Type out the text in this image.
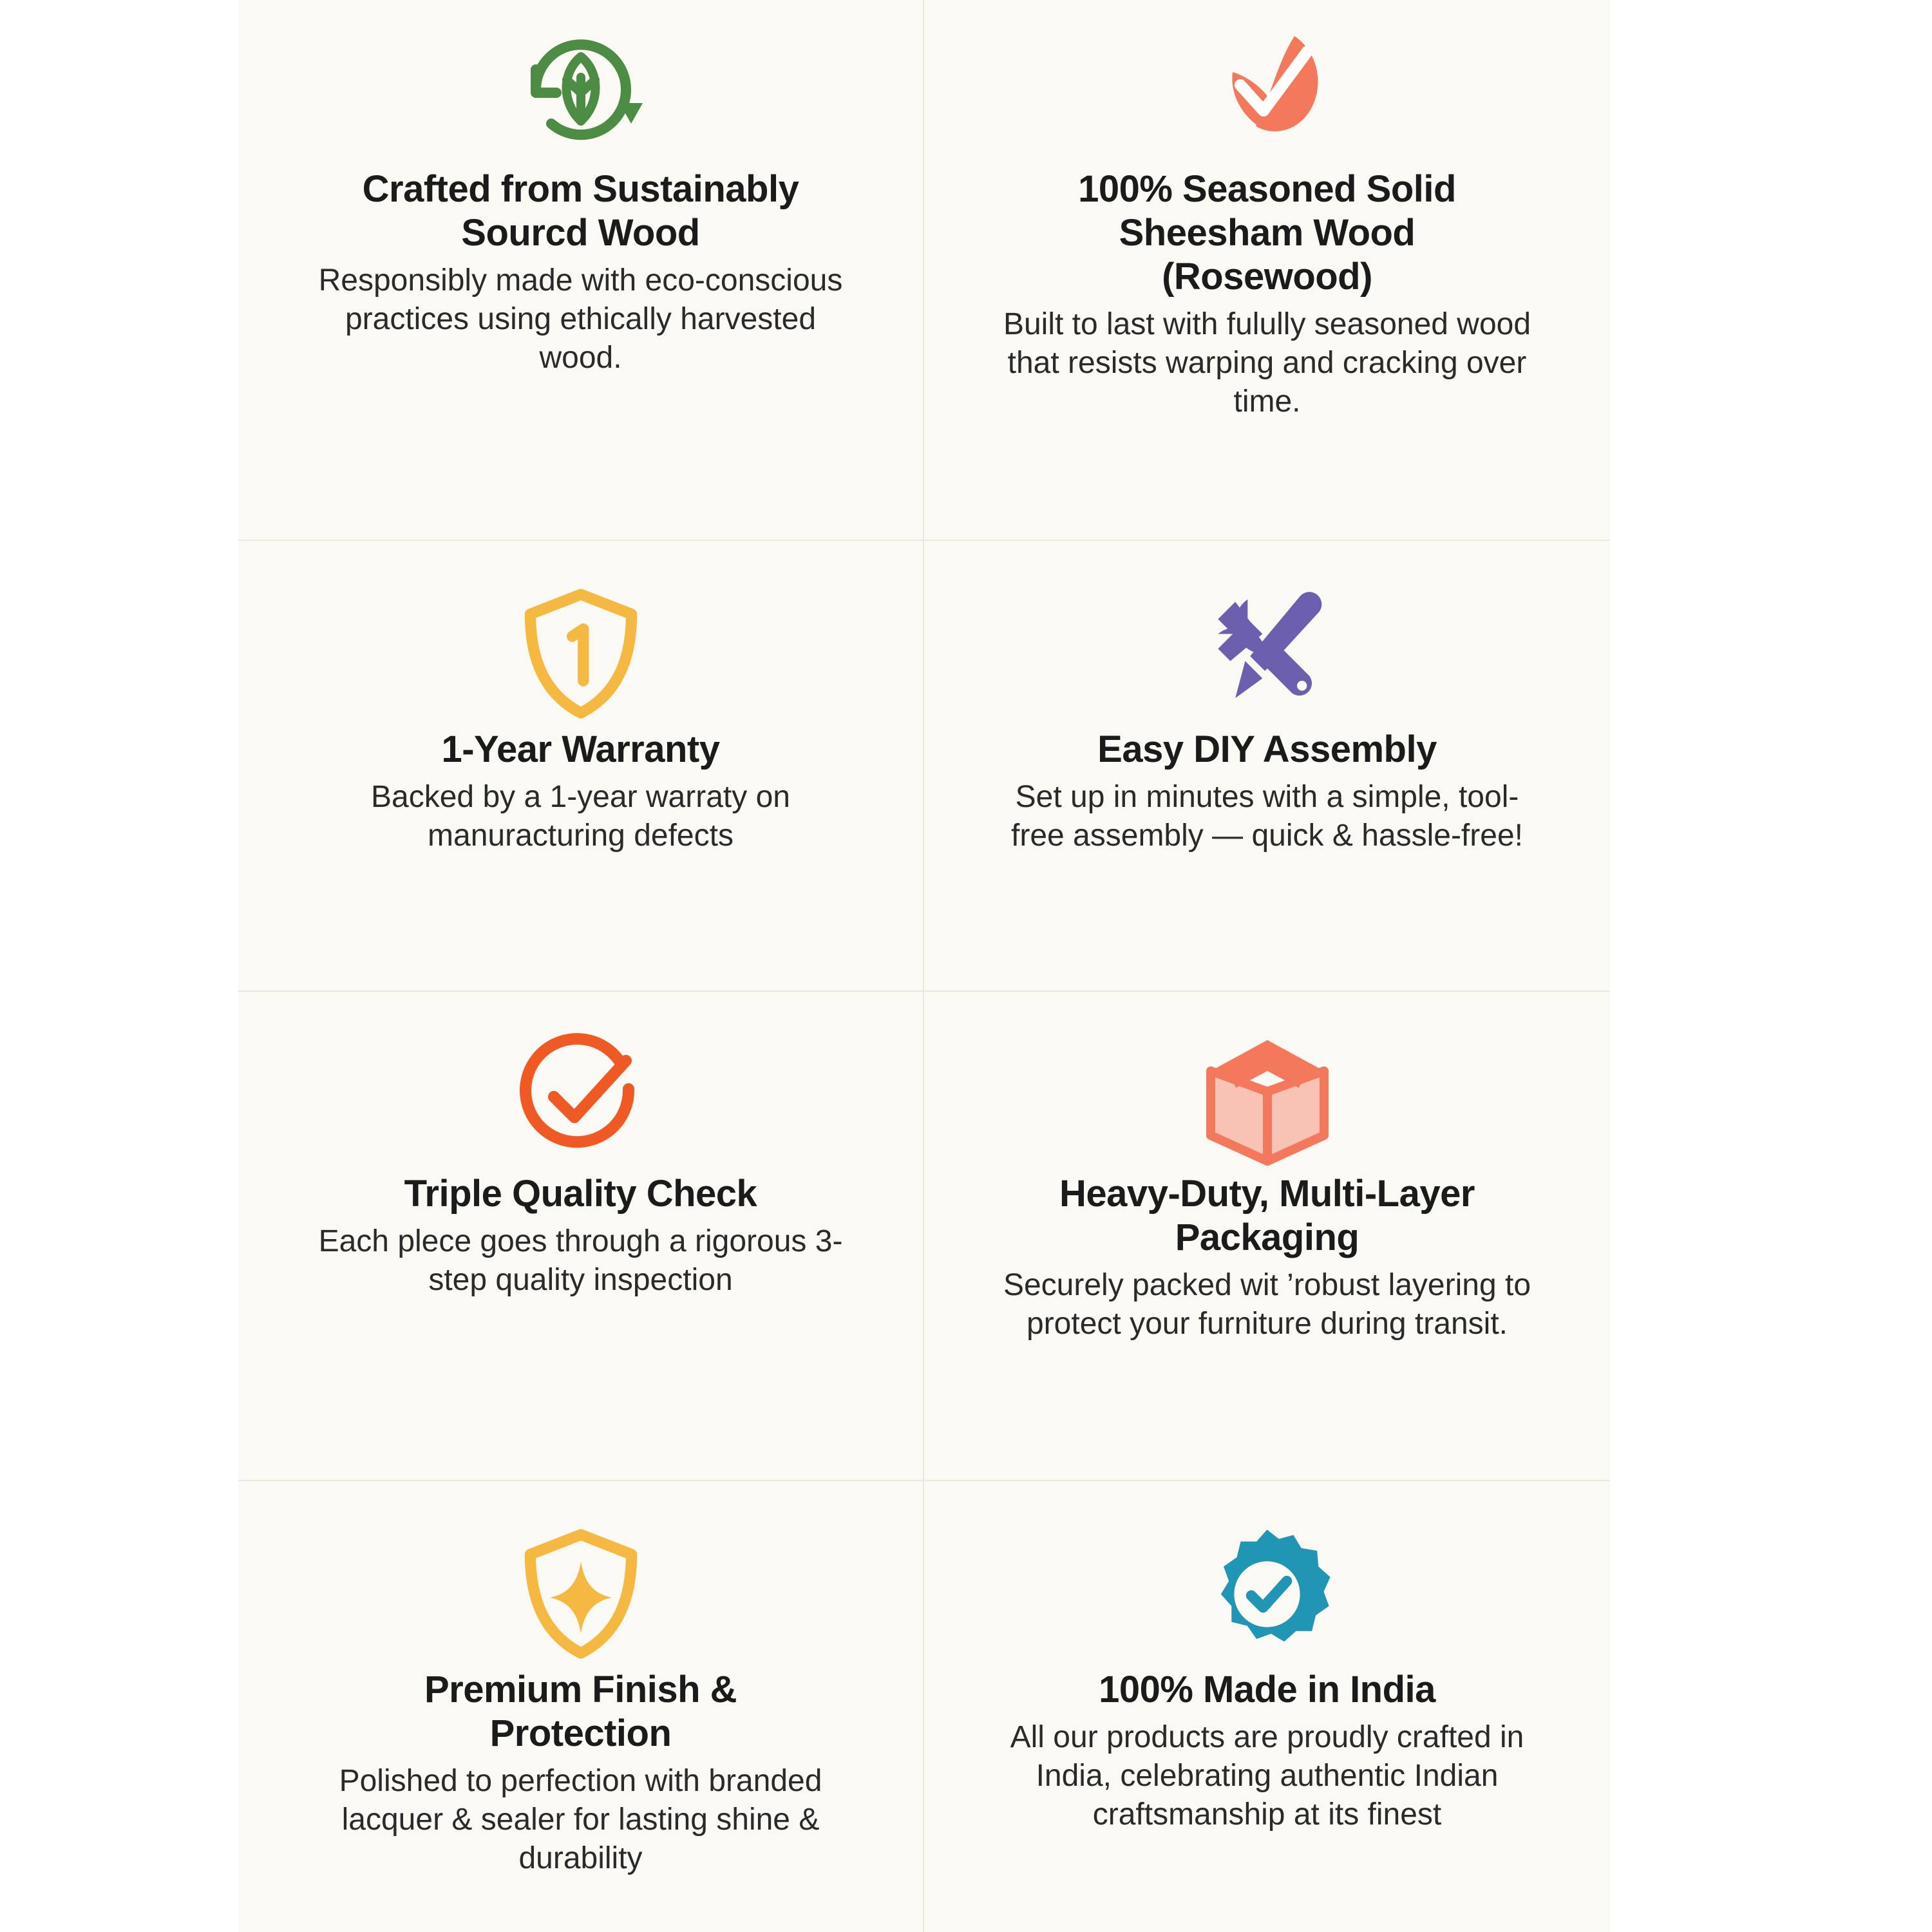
Crafted from Sustainably Sourcd Wood

Responsibly made with eco-conscious practices using ethically harvested wood.

100% Seasoned Solid Sheesham Wood (Rosewood)

Built to last with fulully seasoned wood that resists warping and cracking over time.

1-Year Warranty

Backed by a 1-year warraty on manuracturing defects

Easy DIY Assembly

Set up in minutes with a simple, tool-free assembly — quick & hassle-free!

Triple Quality Check

Each plece goes through a rigorous 3-step quality inspection

Heavy-Duty, Multi-Layer Packaging

Securely packed wit ’robust layering to protect your furniture during transit.

Premium Finish & Protection

Polished to perfection with branded lacquer & sealer for lasting shine & durability

100% Made in India

All our products are proudly crafted in India, celebrating authentic Indian craftsmanship at its finest
